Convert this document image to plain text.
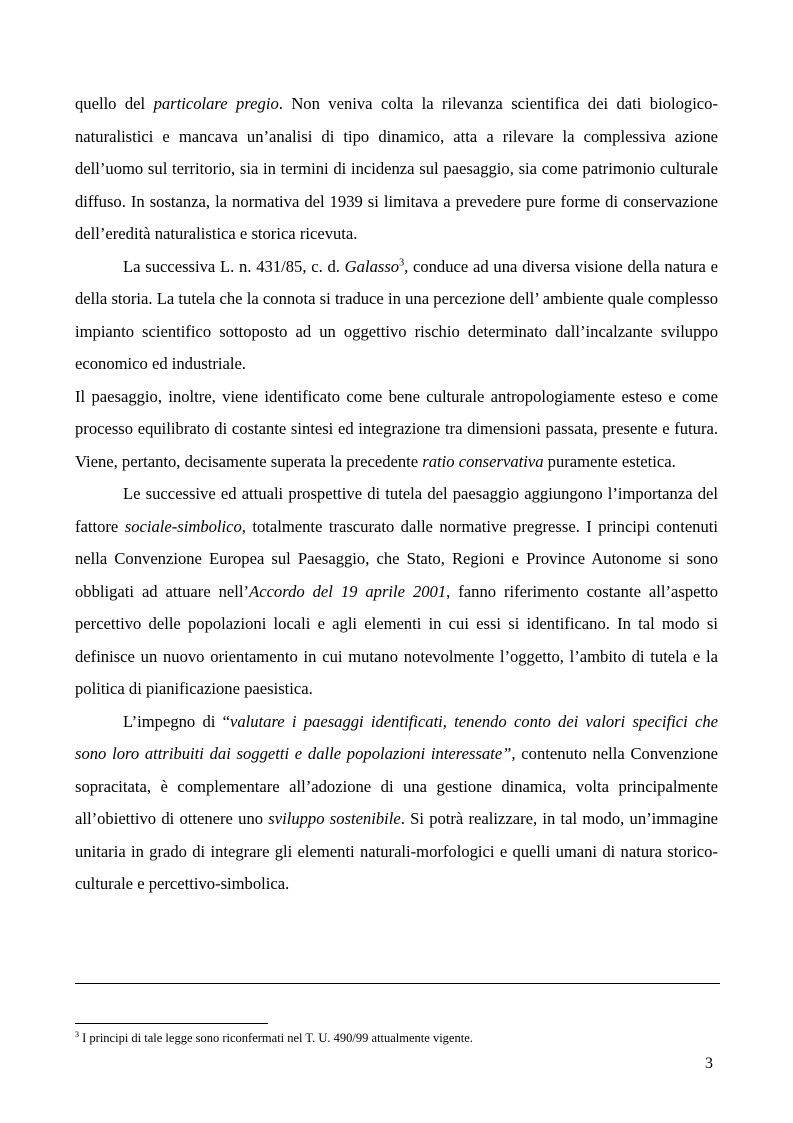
quello del particolare pregio. Non veniva colta la rilevanza scientifica dei dati biologico-naturalistici e mancava un’analisi di tipo dinamico, atta a rilevare la complessiva azione dell’uomo sul territorio, sia in termini di incidenza sul paesaggio, sia come patrimonio culturale diffuso. In sostanza, la normativa del 1939 si limitava a prevedere pure forme di conservazione dell’eredità naturalistica e storica ricevuta.

La successiva L. n. 431/85, c. d. Galasso$^3$, conduce ad una diversa visione della natura e della storia. La tutela che la connota si traduce in una percezione dell’ ambiente quale complesso impianto scientifico sottoposto ad un oggettivo rischio determinato dall’incalzante sviluppo economico ed industriale.

Il paesaggio, inoltre, viene identificato come bene culturale antropologiamente esteso e come processo equilibrato di costante sintesi ed integrazione tra dimensioni passata, presente e futura. Viene, pertanto, decisamente superata la precedente ratio conservativa puramente estetica.

Le successive ed attuali prospettive di tutela del paesaggio aggiungono l’importanza del fattore sociale-simbolico, totalmente trascurato dalle normative pregresse. I principi contenuti nella Convenzione Europea sul Paesaggio, che Stato, Regioni e Province Autonome si sono obbligati ad attuare nell’Accordo del 19 aprile 2001, fanno riferimento costante all’aspetto percettivo delle popolazioni locali e agli elementi in cui essi si identificano. In tal modo si definisce un nuovo orientamento in cui mutano notevolmente l’oggetto, l’ambito di tutela e la politica di pianificazione paesistica.

L’impegno di “valutare i paesaggi identificati, tenendo conto dei valori specifici che sono loro attribuiti dai soggetti e dalle popolazioni interessate”, contenuto nella Convenzione sopracitata, è complementare all’adozione di una gestione dinamica, volta principalmente all’obiettivo di ottenere uno sviluppo sostenibile. Si potrà realizzare, in tal modo, un’immagine unitaria in grado di integrare gli elementi naturali-morfologici e quelli umani di natura storico-culturale e percettivo-simbolica.

$^3$ I principi di tale legge sono riconfermati nel T. U. 490/99 attualmente vigente.
3
